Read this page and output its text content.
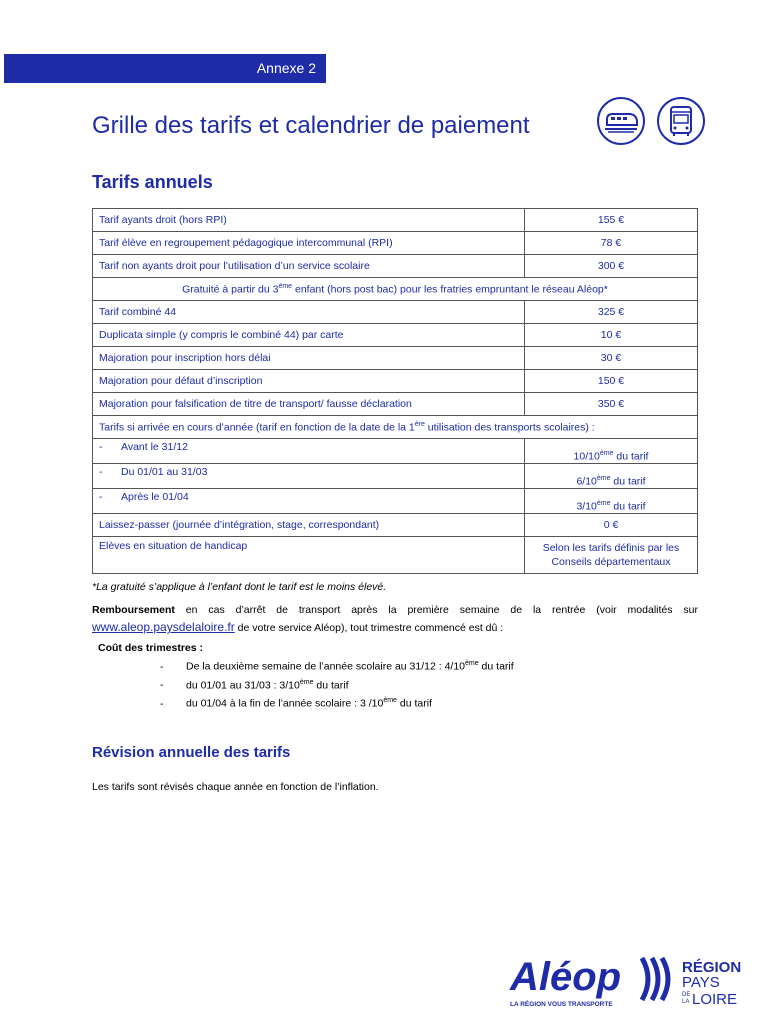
Annexe 2
Grille des tarifs et calendrier de paiement
Tarifs annuels
Tarif ayants droit (hors RPI)	155 €
Tarif élève en regroupement pédagogique intercommunal (RPI)	78 €
Tarif non ayants droit pour l’utilisation d’un service scolaire	300 €
Gratuité à partir du 3ème enfant (hors post bac) pour les fratries empruntant le réseau Aléop*	
Tarif combiné 44	325 €
Duplicata simple (y compris le combiné 44) par carte	10 €
Majoration pour inscription hors délai	30 €
Majoration pour défaut d’inscription	150 €
Majoration pour falsification de titre de transport/ fausse déclaration	350 €
Tarifs si arrivée en cours d’année (tarif en fonction de la date de la 1ère utilisation des transports scolaires) :	
- Avant le 31/12	10/10ème du tarif
- Du 01/01 au 31/03	6/10ème du tarif
- Après le 01/04	3/10ème du tarif
Laissez-passer (journée d’intégration, stage, correspondant)	0 €
Elèves en situation de handicap	Selon les tarifs définis par les
Conseils départementaux
*La gratuité s’applique à l’enfant dont le tarif est le moins élevé.
Remboursement en cas d’arrêt de transport après la première semaine de la rentrée (voir modalités sur www.aleop.paysdelaloire.fr de votre service Aléop), tout trimestre commencé est dû :
Coût des trimestres :
- De la deuxième semaine de l’année scolaire au 31/12 : 4/10ème du tarif
- du 01/01 au 31/03 : 3/10ème du tarif
- du 01/04 à la fin de l’année scolaire : 3 /10ème du tarif
Révision annuelle des tarifs
Les tarifs sont révisés chaque année en fonction de l’inflation.
Aléop
LA RÉGION VOUS TRANSPORTE
RÉGION
PAYS
DE
LA LOIRE
